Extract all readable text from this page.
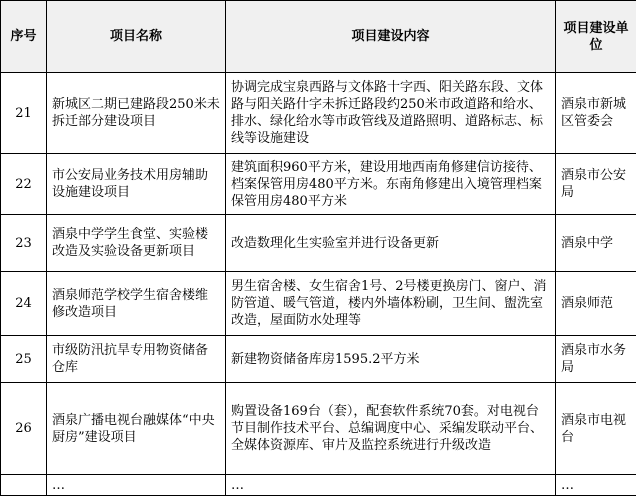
序号	项目名称	项目建设内容	项目建设单位
21	新城区二期已建路段250米未拆迁部分建设项目	协调完成宝泉西路与文体路十字西、阳关路东段、文体路与阳关路什字未拆迁路段约250米市政道路和给水、排水、绿化给水等市政管线及道路照明、道路标志、标线等设施建设	酒泉市新城区管委会
22	市公安局业务技术用房辅助设施建设项目	建筑面积960平方米，建设用地西南角修建信访接待、档案保管用房480平方米。东南角修建出入境管理档案保管用房480平方米	酒泉市公安局
23	酒泉中学学生食堂、实验楼改造及实验设备更新项目	改造数理化生实验室并进行设备更新	酒泉中学
24	酒泉师范学校学生宿舍楼维修改造项目	男生宿舍楼、女生宿舍1号、2号楼更换房门、窗户、消防管道、暖气管道，楼内外墙体粉刷，卫生间、盥洗室改造，屋面防水处理等	酒泉师范
25	市级防汛抗旱专用物资储备仓库	新建物资储备库房1595.2平方米	酒泉市水务局
26	酒泉广播电视台融媒体“中央厨房”建设项目	购置设备169台（套），配套软件系统70套。对电视台节目制作技术平台、总编调度中心、采编发联动平台、全媒体资源库、审片及监控系统进行升级改造	酒泉市电视台

	…	…	…
